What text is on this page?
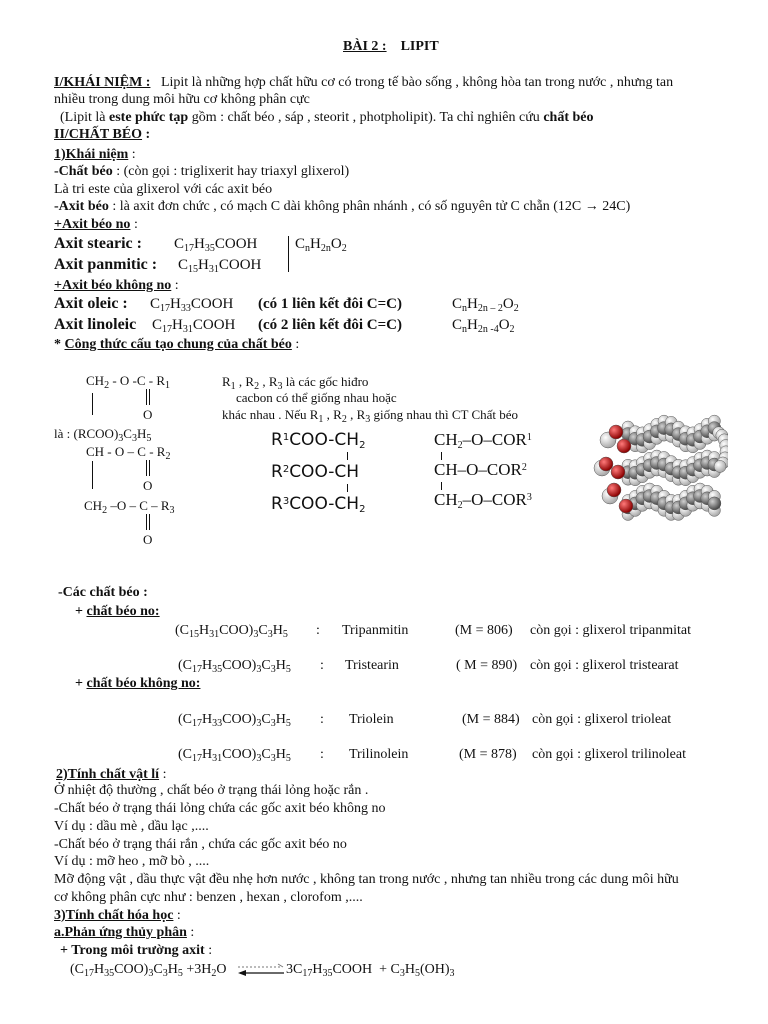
BÀI 2 : LIPIT
I/KHÁI NIỆM : Lipit là những hợp chất hữu cơ có trong tế bào sống , không hòa tan trong nước , nhưng tan
nhiều trong dung môi hữu cơ không phân cực
(Lipit là este phức tạp gồm : chất béo , sáp , steorit , photpholipit). Ta chỉ nghiên cứu chất béo
II/CHẤT BÉO :
1)Khái niệm :
-Chất béo : (còn gọi : triglixerit hay triaxyl glixerol)
Là tri este của glixerol với các axit béo
-Axit béo : là axit đơn chức , có mạch C dài không phân nhánh , có số nguyên tử C chẵn (12C → 24C)
+Axit béo no :
Axit stearic : $C_{17}H_{35}COOH$
Axit panmitic : $C_{15}H_{31}COOH$
$C_nH_{2n}O_2$
+Axit béo không no :
Axit oleic : $C_{17}H_{33}COOH$ (có 1 liên kết đôi C=C)	$C_nH_{2n - 2}O_2$
Axit linoleic $C_{17}H_{31}COOH$ (có 2 liên kết đôi C=C)	$C_nH_{2n -4}O_2$
* Công thức cấu tạo chung của chất béo :
$CH_2$ - O $-C - R_1$
O
là : $(RCOO)_3C_3H_5$
CH - O – C - $R_2$
O
$CH_2$ –O – C – $R_3$
O
$R_1$ , $R_2$ , $R_3$ là các gốc hiđro
cacbon có thể giống nhau hoặc
khác nhau . Nếu $R_1$ , $R_2$ , $R_3$ giống nhau thì CT Chất béo
$R^1COO-CH_2$
$R^2COO-CH$
$R^3COO-CH_2$
$CH_2-O-COR^1$
CH–O–COR$^2$
$CH_2-O-COR^3$
-Các chất béo :
+ chất béo no:
$(C_{15}H_{31}COO)_3C_3H_5$ : Tripanmitin	(M = 806) còn gọi : glixerol tripanmitat
$(C_{17}H_{35}COO)_3C_3H_5$ : Tristearin	( M = 890) còn gọi : glixerol tristearat
+ chất béo không no:
$(C_{17}H_{33}COO)_3C_3H_5$ : Triolein	(M = 884) còn gọi : glixerol trioleat
$(C_{17}H_{31}COO)_3C_3H_5$ : Trilinolein	(M = 878) còn gọi : glixerol trilinoleat
2)Tính chất vật lí :
Ở nhiệt độ thường , chất béo ở trạng thái lỏng hoặc rắn .
-Chất béo ở trạng thái lỏng chứa các gốc axit béo không no
Ví dụ : dầu mè , dầu lạc ,....
-Chất béo ở trạng thái rắn , chứa các gốc axit béo no
Ví dụ : mỡ heo , mỡ bò , ....
Mỡ động vật , dầu thực vật đều nhẹ hơn nước , không tan trong nước , nhưng tan nhiều trong các dung môi hữu
cơ không phân cực như : benzen , hexan , clorofom ,....
3)Tính chất hóa học :
a.Phản ứng thủy phân :
+ Trong môi trường axit :
$(C_{17}H_{35}COO)_3C_3H_5 +3H_2O$ ⇌ $3C_{17}H_{35}COOH + C_3H_5(OH)_3$
